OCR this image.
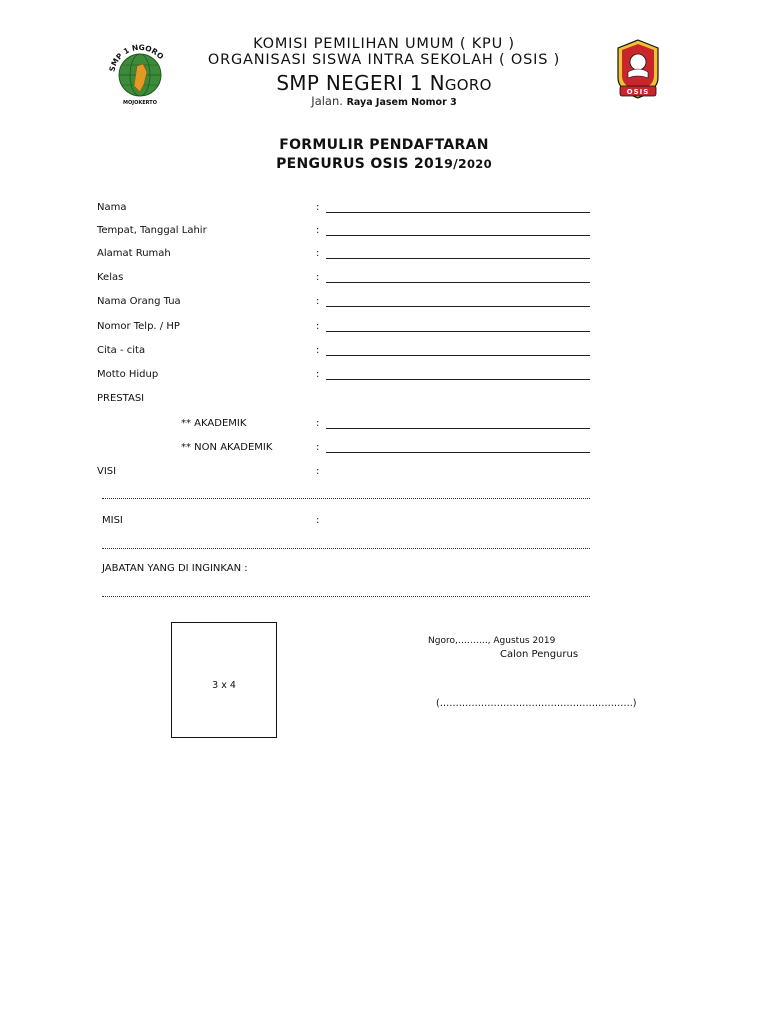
KOMISI PEMILIHAN UMUM ( KPU )
ORGANISASI SISWA INTRA SEKOLAH ( OSIS )
SMP NEGERI 1 NGORO
Jalan. Raya Jasem Nomor 3
SMP 1 NGORO
MOJOKERTO
OSIS
FORMULIR PENDAFTARAN
PENGURUS OSIS 2019/2020
Nama	:
Tempat, Tanggal Lahir	:
Alamat Rumah	:
Kelas	:
Nama Orang Tua	:
Nomor Telp. / HP	:
Cita - cita	:
Motto Hidup	:
PRESTASI
** AKADEMIK	:
** NON AKADEMIK	:
VISI	:
MISI	:
JABATAN YANG DI INGINKAN :
3 x 4
Ngoro,………., Agustus 2019
Calon Pengurus
(…………………………………………………….)
